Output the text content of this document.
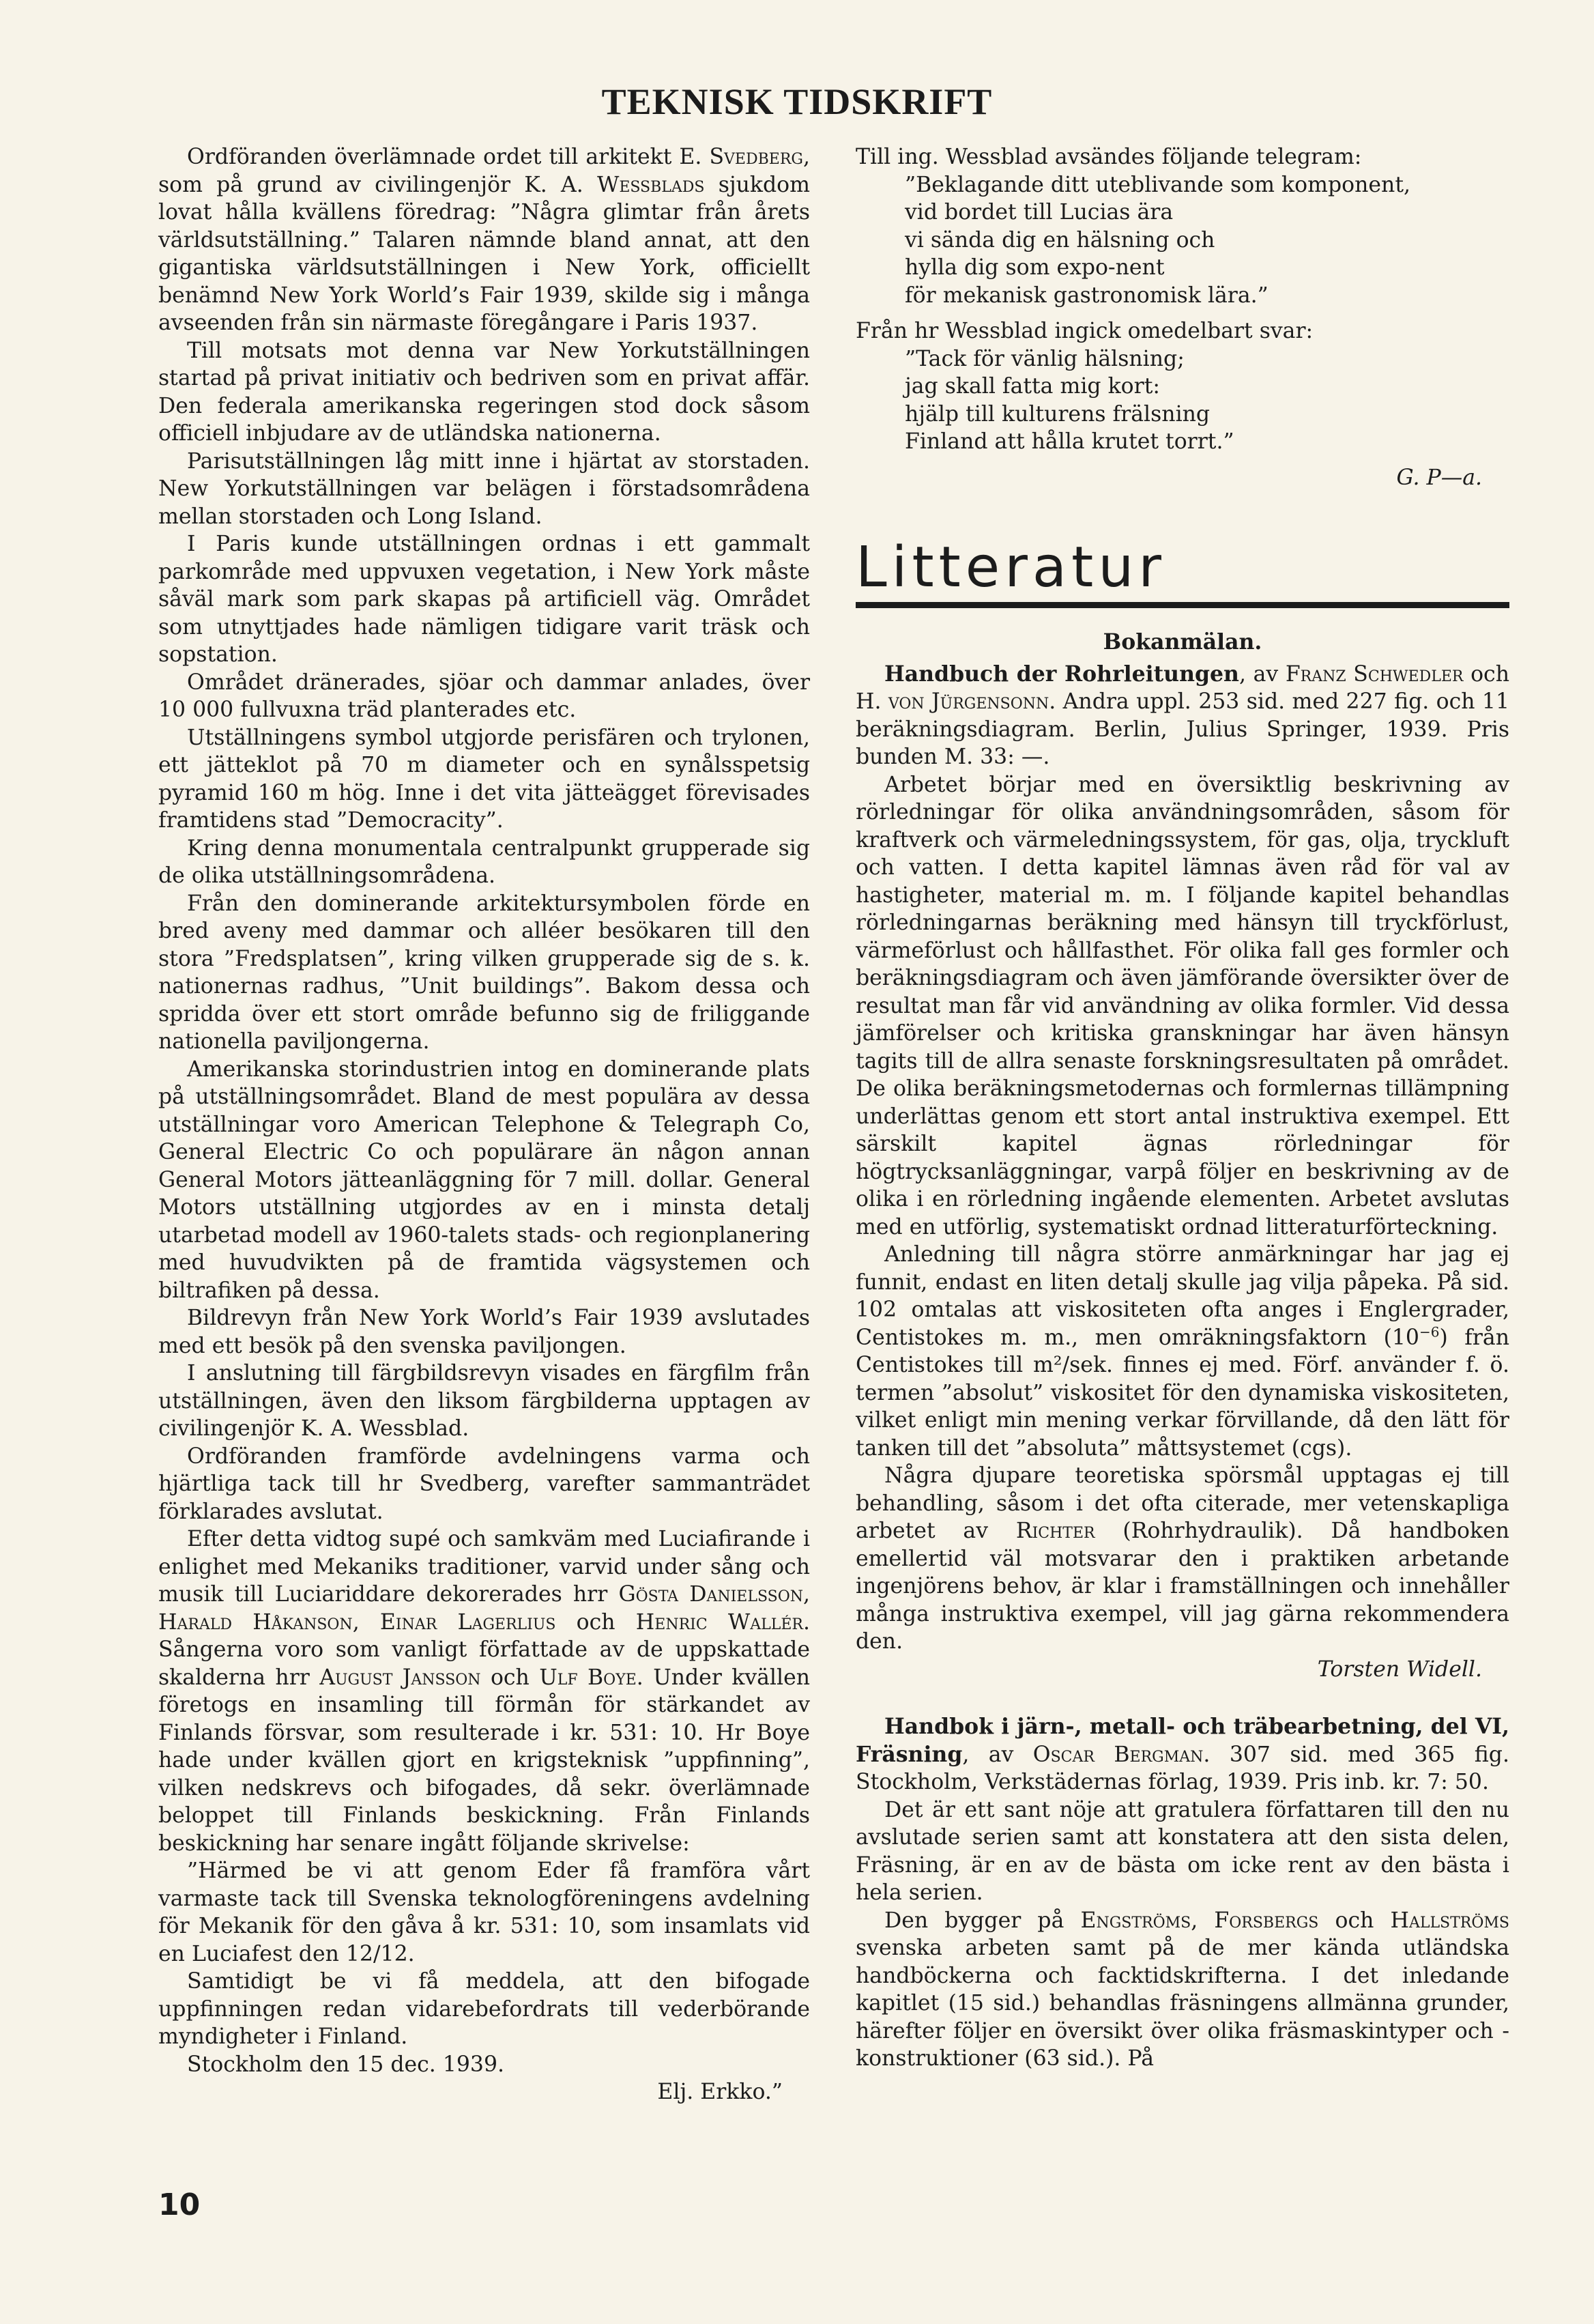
TEKNISK TIDSKRIFT

Ordföranden överlämnade ordet till arkitekt E. Svedberg, som på grund av civilingenjör K. A. Wessblads sjukdom lovat hålla kvällens föredrag: ”Några glimtar från årets världsutställning.” Talaren nämnde bland annat, att den gigantiska världsutställningen i New York, officiellt benämnd New York World’s Fair 1939, skilde sig i många avseenden från sin närmaste föregångare i Paris 1937.

Till motsats mot denna var New Yorkutställningen startad på privat initiativ och bedriven som en privat affär. Den federala amerikanska regeringen stod dock såsom officiell inbjudare av de utländska nationerna.

Parisutställningen låg mitt inne i hjärtat av storstaden. New Yorkutställningen var belägen i förstadsområdena mellan storstaden och Long Island.

I Paris kunde utställningen ordnas i ett gammalt parkområde med uppvuxen vegetation, i New York måste såväl mark som park skapas på artificiell väg. Området som utnyttjades hade nämligen tidigare varit träsk och sopstation.

Området dränerades, sjöar och dammar anlades, över 10 000 fullvuxna träd planterades etc.

Utställningens symbol utgjorde perisfären och trylonen, ett jätteklot på 70 m diameter och en synålsspetsig pyramid 160 m hög. Inne i det vita jätteägget förevisades framtidens stad ”Democracity”.

Kring denna monumentala centralpunkt grupperade sig de olika utställningsområdena.

Från den dominerande arkitektursymbolen förde en bred aveny med dammar och alléer besökaren till den stora ”Fredsplatsen”, kring vilken grupperade sig de s. k. nationernas radhus, ”Unit buildings”. Bakom dessa och spridda över ett stort område befunno sig de friliggande nationella paviljongerna.

Amerikanska storindustrien intog en dominerande plats på utställningsområdet. Bland de mest populära av dessa utställningar voro American Telephone & Telegraph Co, General Electric Co och populärare än någon annan General Motors jätteanläggning för 7 mill. dollar. General Motors utställning utgjordes av en i minsta detalj utarbetad modell av 1960-talets stads- och regionplanering med huvudvikten på de framtida vägsystemen och biltrafiken på dessa.

Bildrevyn från New York World’s Fair 1939 avslutades med ett besök på den svenska paviljongen.

I anslutning till färgbildsrevyn visades en färgfilm från utställningen, även den liksom färgbilderna upptagen av civilingenjör K. A. Wessblad.

Ordföranden framförde avdelningens varma och hjärtliga tack till hr Svedberg, varefter sammanträdet förklarades avslutat.

Efter detta vidtog supé och samkväm med Luciafirande i enlighet med Mekaniks traditioner, varvid under sång och musik till Luciariddare dekorerades hrr Gösta Danielsson, Harald Håkanson, Einar Lagerlius och Henric Wallér. Sångerna voro som vanligt författade av de uppskattade skalderna hrr August Jansson och Ulf Boye. Under kvällen företogs en insamling till förmån för stärkandet av Finlands försvar, som resulterade i kr. 531: 10. Hr Boye hade under kvällen gjort en krigsteknisk ”uppfinning”, vilken nedskrevs och bifogades, då sekr. överlämnade beloppet till Finlands beskickning. Från Finlands beskickning har senare ingått följande skrivelse:

”Härmed be vi att genom Eder få framföra vårt varmaste tack till Svenska teknologföreningens avdelning för Mekanik för den gåva å kr. 531: 10, som insamlats vid en Luciafest den 12/12.

Samtidigt be vi få meddela, att den bifogade uppfinningen redan vidarebefordrats till vederbörande myndigheter i Finland.

Stockholm den 15 dec. 1939.

Elj. Erkko.”

Till ing. Wessblad avsändes följande telegram:

”Beklagande ditt uteblivande som komponent,
vid bordet till Lucias ära
vi sända dig en hälsning och
hylla dig som expo-nent
för mekanisk gastronomisk lära.”

Från hr Wessblad ingick omedelbart svar:

”Tack för vänlig hälsning;
jag skall fatta mig kort:
hjälp till kulturens frälsning
Finland att hålla krutet torrt.”

G. P—a.

Litteratur

Bokanmälan.

Handbuch der Rohrleitungen, av Franz Schwedler och H. von Jürgensonn. Andra uppl. 253 sid. med 227 fig. och 11 beräkningsdiagram. Berlin, Julius Springer, 1939. Pris bunden M. 33: —.

Arbetet börjar med en översiktlig beskrivning av rörledningar för olika användningsområden, såsom för kraftverk och värmeledningssystem, för gas, olja, tryckluft och vatten. I detta kapitel lämnas även råd för val av hastigheter, material m. m. I följande kapitel behandlas rörledningarnas beräkning med hänsyn till tryckförlust, värmeförlust och hållfasthet. För olika fall ges formler och beräkningsdiagram och även jämförande översikter över de resultat man får vid användning av olika formler. Vid dessa jämförelser och kritiska granskningar har även hänsyn tagits till de allra senaste forskningsresultaten på området. De olika beräkningsmetodernas och formlernas tillämpning underlättas genom ett stort antal instruktiva exempel. Ett särskilt kapitel ägnas rörledningar för högtrycksanläggningar, varpå följer en beskrivning av de olika i en rörledning ingående elementen. Arbetet avslutas med en utförlig, systematiskt ordnad litteraturförteckning.

Anledning till några större anmärkningar har jag ej funnit, endast en liten detalj skulle jag vilja påpeka. På sid. 102 omtalas att viskositeten ofta anges i Englergrader, Centistokes m. m., men omräkningsfaktorn $(10^{-6})$ från Centistokes till m²/sek. finnes ej med. Förf. använder f. ö. termen ”absolut” viskositet för den dynamiska viskositeten, vilket enligt min mening verkar förvillande, då den lätt för tanken till det ”absoluta” måttsystemet (cgs).

Några djupare teoretiska spörsmål upptagas ej till behandling, såsom i det ofta citerade, mer vetenskapliga arbetet av Richter (Rohrhydraulik). Då handboken emellertid väl motsvarar den i praktiken arbetande ingenjörens behov, är klar i framställningen och innehåller många instruktiva exempel, vill jag gärna rekommendera den.

Torsten Widell.

Handbok i järn-, metall- och träbearbetning, del VI, Fräsning, av Oscar Bergman. 307 sid. med 365 fig. Stockholm, Verkstädernas förlag, 1939. Pris inb. kr. 7: 50.

Det är ett sant nöje att gratulera författaren till den nu avslutade serien samt att konstatera att den sista delen, Fräsning, är en av de bästa om icke rent av den bästa i hela serien.

Den bygger på Engströms, Forsbergs och Hallströms svenska arbeten samt på de mer kända utländska handböckerna och facktidskrifterna. I det inledande kapitlet (15 sid.) behandlas fräsningens allmänna grunder, härefter följer en översikt över olika fräsmaskintyper och -konstruktioner (63 sid.). På

10
